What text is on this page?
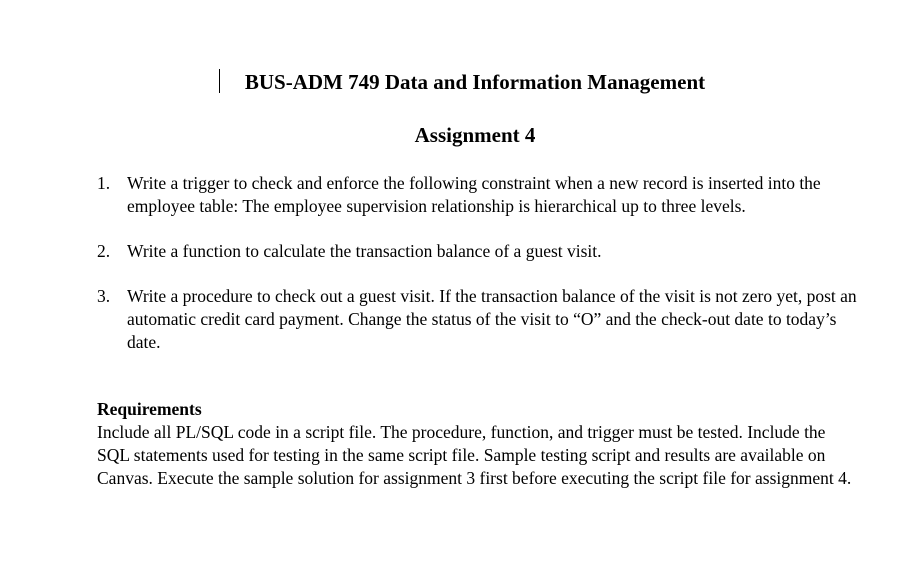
BUS-ADM 749 Data and Information Management
Assignment 4
1. Write a trigger to check and enforce the following constraint when a new record is inserted into the employee table: The employee supervision relationship is hierarchical up to three levels.
2. Write a function to calculate the transaction balance of a guest visit.
3. Write a procedure to check out a guest visit. If the transaction balance of the visit is not zero yet, post an automatic credit card payment. Change the status of the visit to “O” and the check-out date to today’s date.
Requirements
Include all PL/SQL code in a script file. The procedure, function, and trigger must be tested. Include the SQL statements used for testing in the same script file. Sample testing script and results are available on Canvas. Execute the sample solution for assignment 3 first before executing the script file for assignment 4.
